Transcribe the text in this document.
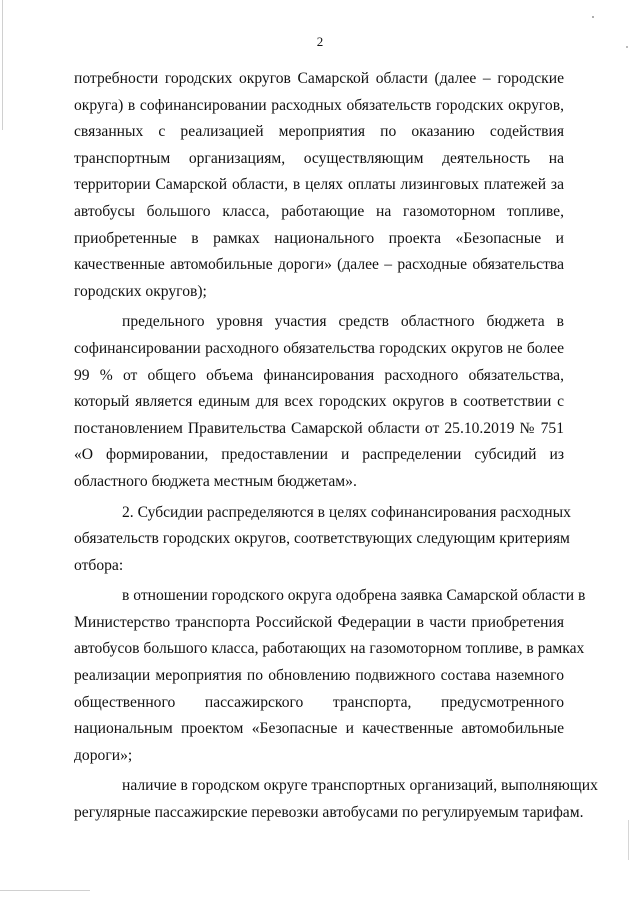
2
потребности городских округов Самарской области (далее – городские
округа) в софинансировании расходных обязательств городских округов,
связанных с реализацией мероприятия по оказанию содействия
транспортным организациям, осуществляющим деятельность на
территории Самарской области, в целях оплаты лизинговых платежей за
автобусы большого класса, работающие на газомоторном топливе,
приобретенные в рамках национального проекта «Безопасные и
качественные автомобильные дороги» (далее – расходные обязательства
городских округов);
предельного уровня участия средств областного бюджета в
софинансировании расходного обязательства городских округов не более
99 % от общего объема финансирования расходного обязательства,
который является единым для всех городских округов в соответствии с
постановлением Правительства Самарской области от 25.10.2019 № 751
«О формировании, предоставлении и распределении субсидий из
областного бюджета местным бюджетам».
2. Субсидии распределяются в целях софинансирования расходных
обязательств городских округов, соответствующих следующим критериям
отбора:
в отношении городского округа одобрена заявка Самарской области в
Министерство транспорта Российской Федерации в части приобретения
автобусов большого класса, работающих на газомоторном топливе, в рамках
реализации мероприятия по обновлению подвижного состава наземного
общественного пассажирского транспорта, предусмотренного
национальным проектом «Безопасные и качественные автомобильные
дороги»;
наличие в городском округе транспортных организаций, выполняющих
регулярные пассажирские перевозки автобусами по регулируемым тарифам.
